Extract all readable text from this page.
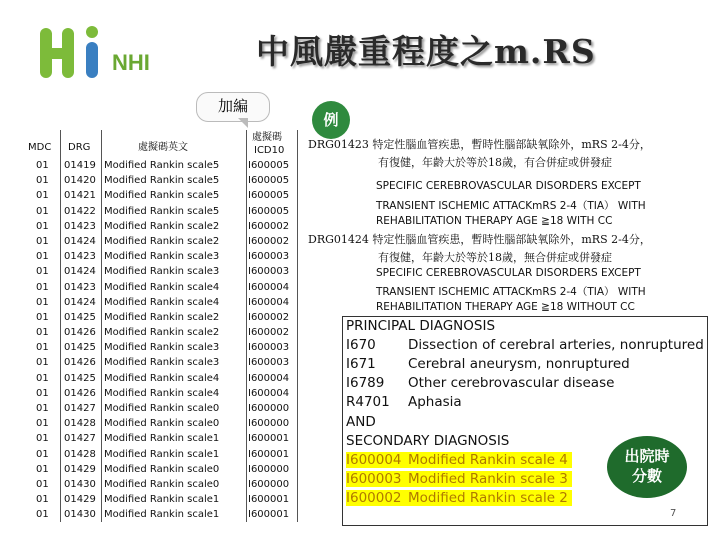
NHI	中風嚴重程度之m.RS
加編
例
MDC DRG	處擬碼英文
處擬碼
ICD10
01 01419 Modified Rankin scale5	I600005
01 01420 Modified Rankin scale5	I600005
01 01421 Modified Rankin scale5	I600005
01 01422 Modified Rankin scale5	I600005
01 01423 Modified Rankin scale2	I600002
01 01424 Modified Rankin scale2	I600002
01 01423 Modified Rankin scale3	I600003
01 01424 Modified Rankin scale3	I600003
01 01423 Modified Rankin scale4	I600004
01 01424 Modified Rankin scale4	I600004
01 01425 Modified Rankin scale2	I600002
01 01426 Modified Rankin scale2	I600002
01 01425 Modified Rankin scale3	I600003
01 01426 Modified Rankin scale3	I600003
01 01425 Modified Rankin scale4	I600004
01 01426 Modified Rankin scale4	I600004
01 01427 Modified Rankin scale0	I600000
01 01428 Modified Rankin scale0	I600000
01 01427 Modified Rankin scale1	I600001
01 01428 Modified Rankin scale1	I600001
01 01429 Modified Rankin scale0	I600000
01 01430 Modified Rankin scale0	I600000
01 01429 Modified Rankin scale1	I600001
01 01430 Modified Rankin scale1	I600001
DRG01423 特定性腦血管疾患，暫時性腦部缺氧除外，mRS 2-4分，
有復健，年齡大於等於18歲，有合併症或併發症
SPECIFIC CEREBROVASCULAR DISORDERS EXCEPT
TRANSIENT ISCHEMIC ATTACKmRS 2-4（TIA） WITH
REHABILITATION THERAPY AGE ≧18 WITH CC
DRG01424 特定性腦血管疾患，暫時性腦部缺氧除外，mRS 2-4分，
有復健，年齡大於等於18歲，無合併症或併發症
SPECIFIC CEREBROVASCULAR DISORDERS EXCEPT
TRANSIENT ISCHEMIC ATTACKmRS 2-4（TIA） WITH
REHABILITATION THERAPY AGE ≧18 WITHOUT CC
PRINCIPAL DIAGNOSIS
I670 Dissection of cerebral arteries, nonruptured
I671 Cerebral aneurysm, nonruptured
I6789 Other cerebrovascular disease
R4701 Aphasia
AND
SECONDARY DIAGNOSIS
I600004 Modified Rankin scale 4
I600003 Modified Rankin scale 3
I600002 Modified Rankin scale 2
出院時
分數
7
